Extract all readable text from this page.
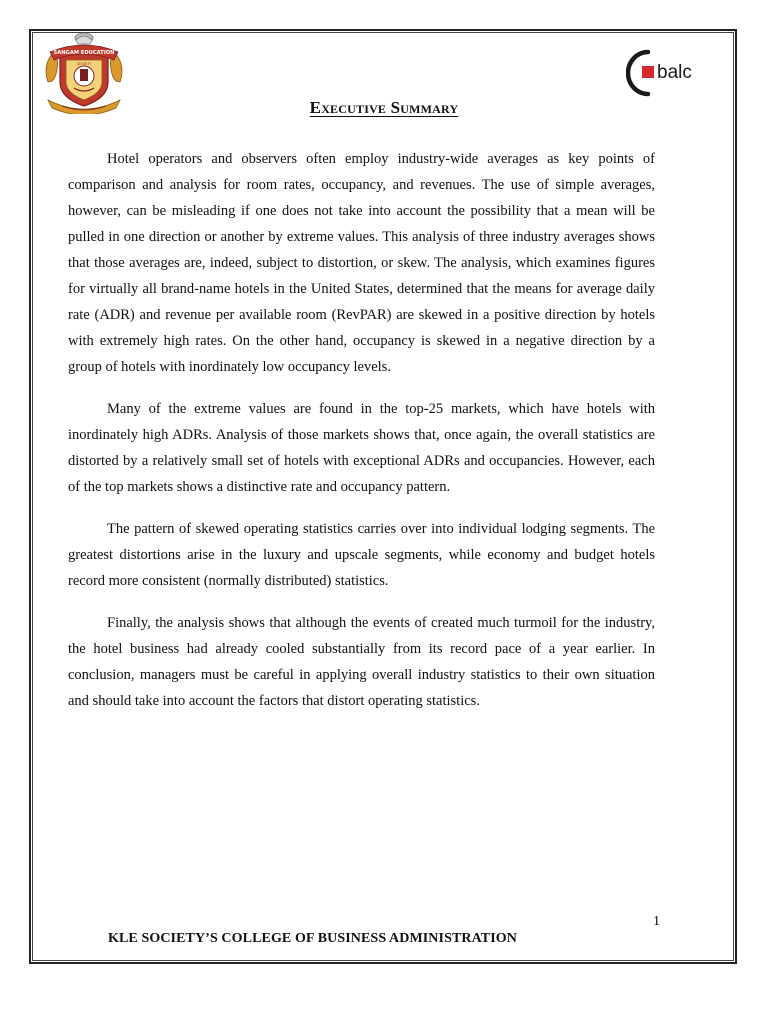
SANGAM EDUCATION
SOCIETY	balc
Executive Summary

Hotel operators and observers often employ industry-wide averages as key points of comparison and analysis for room rates, occupancy, and revenues. The use of simple averages, however, can be misleading if one does not take into account the possibility that a mean will be pulled in one direction or another by extreme values. This analysis of three industry averages shows that those averages are, indeed, subject to distortion, or skew. The analysis, which examines figures for virtually all brand-name hotels in the United States, determined that the means for average daily rate (ADR) and revenue per available room (RevPAR) are skewed in a positive direction by hotels with extremely high rates. On the other hand, occupancy is skewed in a negative direction by a group of hotels with inordinately low occupancy levels.

Many of the extreme values are found in the top-25 markets, which have hotels with inordinately high ADRs. Analysis of those markets shows that, once again, the overall statistics are distorted by a relatively small set of hotels with exceptional ADRs and occupancies. However, each of the top markets shows a distinctive rate and occupancy pattern.

The pattern of skewed operating statistics carries over into individual lodging segments. The greatest distortions arise in the luxury and upscale segments, while economy and budget hotels record more consistent (normally distributed) statistics.

Finally, the analysis shows that although the events of created much turmoil for the industry, the hotel business had already cooled substantially from its record pace of a year earlier. In conclusion, managers must be careful in applying overall industry statistics to their own situation and should take into account the factors that distort operating statistics.

1
KLE SOCIETY’S COLLEGE OF BUSINESS ADMINISTRATION
